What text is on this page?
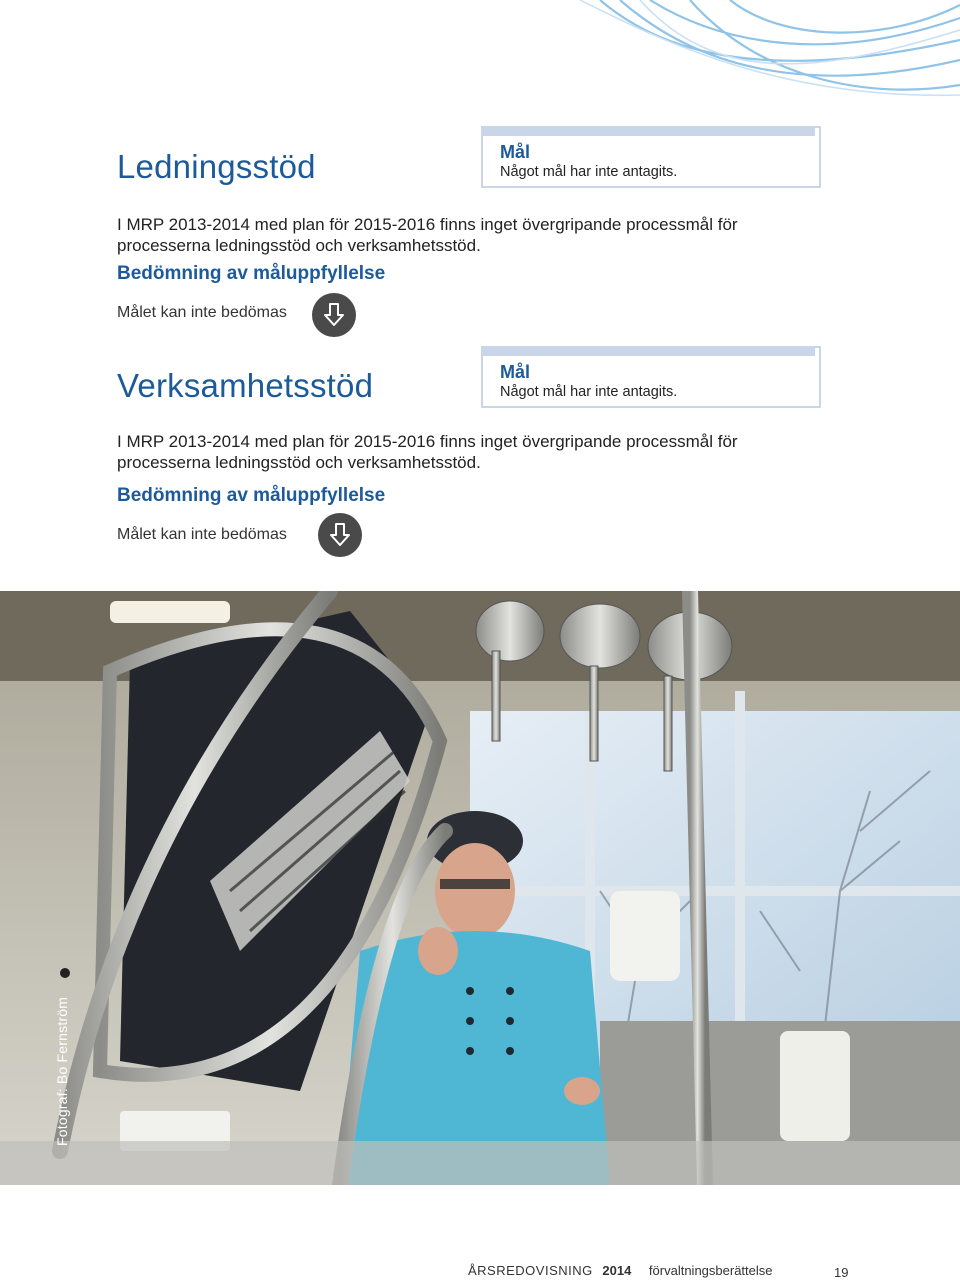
Ledningsstöd	Mål
Något mål har inte antagits.

I MRP 2013-2014 med plan för 2015-2016 finns inget övergripande processmål för processerna ledningsstöd och verksamhetsstöd.

Bedömning av måluppfyllelse
Målet kan inte bedömas
Verksamhetsstöd	Mål
Något mål har inte antagits.

I MRP 2013-2014 med plan för 2015-2016 finns inget övergripande processmål för processerna ledningsstöd och verksamhetsstöd.

Bedömning av måluppfyllelse
Målet kan inte bedömas
Fotograf: Bo Fernström
ÅRSREDOVISNING 2014 förvaltningsberättelse	19
